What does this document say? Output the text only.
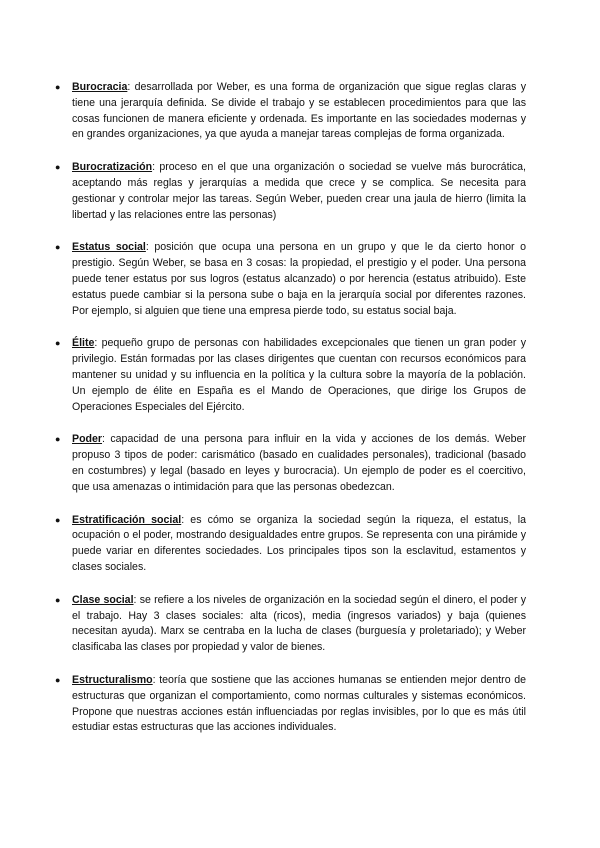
● Burocracia: desarrollada por Weber, es una forma de organización que sigue reglas claras y tiene una jerarquía definida. Se divide el trabajo y se establecen procedimientos para que las cosas funcionen de manera eficiente y ordenada. Es importante en las sociedades modernas y en grandes organizaciones, ya que ayuda a manejar tareas complejas de forma organizada.
● Burocratización: proceso en el que una organización o sociedad se vuelve más burocrática, aceptando más reglas y jerarquías a medida que crece y se complica. Se necesita para gestionar y controlar mejor las tareas. Según Weber, pueden crear una jaula de hierro (limita la libertad y las relaciones entre las personas)
● Estatus social: posición que ocupa una persona en un grupo y que le da cierto honor o prestigio. Según Weber, se basa en 3 cosas: la propiedad, el prestigio y el poder. Una persona puede tener estatus por sus logros (estatus alcanzado) o por herencia (estatus atribuido). Este estatus puede cambiar si la persona sube o baja en la jerarquía social por diferentes razones. Por ejemplo, si alguien que tiene una empresa pierde todo, su estatus social baja.
● Élite: pequeño grupo de personas con habilidades excepcionales que tienen un gran poder y privilegio. Están formadas por las clases dirigentes que cuentan con recursos económicos para mantener su unidad y su influencia en la política y la cultura sobre la mayoría de la población. Un ejemplo de élite en España es el Mando de Operaciones, que dirige los Grupos de Operaciones Especiales del Ejército.
● Poder: capacidad de una persona para influir en la vida y acciones de los demás. Weber propuso 3 tipos de poder: carismático (basado en cualidades personales), tradicional (basado en costumbres) y legal (basado en leyes y burocracia). Un ejemplo de poder es el coercitivo, que usa amenazas o intimidación para que las personas obedezcan.
● Estratificación social: es cómo se organiza la sociedad según la riqueza, el estatus, la ocupación o el poder, mostrando desigualdades entre grupos. Se representa con una pirámide y puede variar en diferentes sociedades. Los principales tipos son la esclavitud, estamentos y clases sociales.
● Clase social: se refiere a los niveles de organización en la sociedad según el dinero, el poder y el trabajo. Hay 3 clases sociales: alta (ricos), media (ingresos variados) y baja (quienes necesitan ayuda). Marx se centraba en la lucha de clases (burguesía y proletariado); y Weber clasificaba las clases por propiedad y valor de bienes.
● Estructuralismo: teoría que sostiene que las acciones humanas se entienden mejor dentro de estructuras que organizan el comportamiento, como normas culturales y sistemas económicos. Propone que nuestras acciones están influenciadas por reglas invisibles, por lo que es más útil estudiar estas estructuras que las acciones individuales.
